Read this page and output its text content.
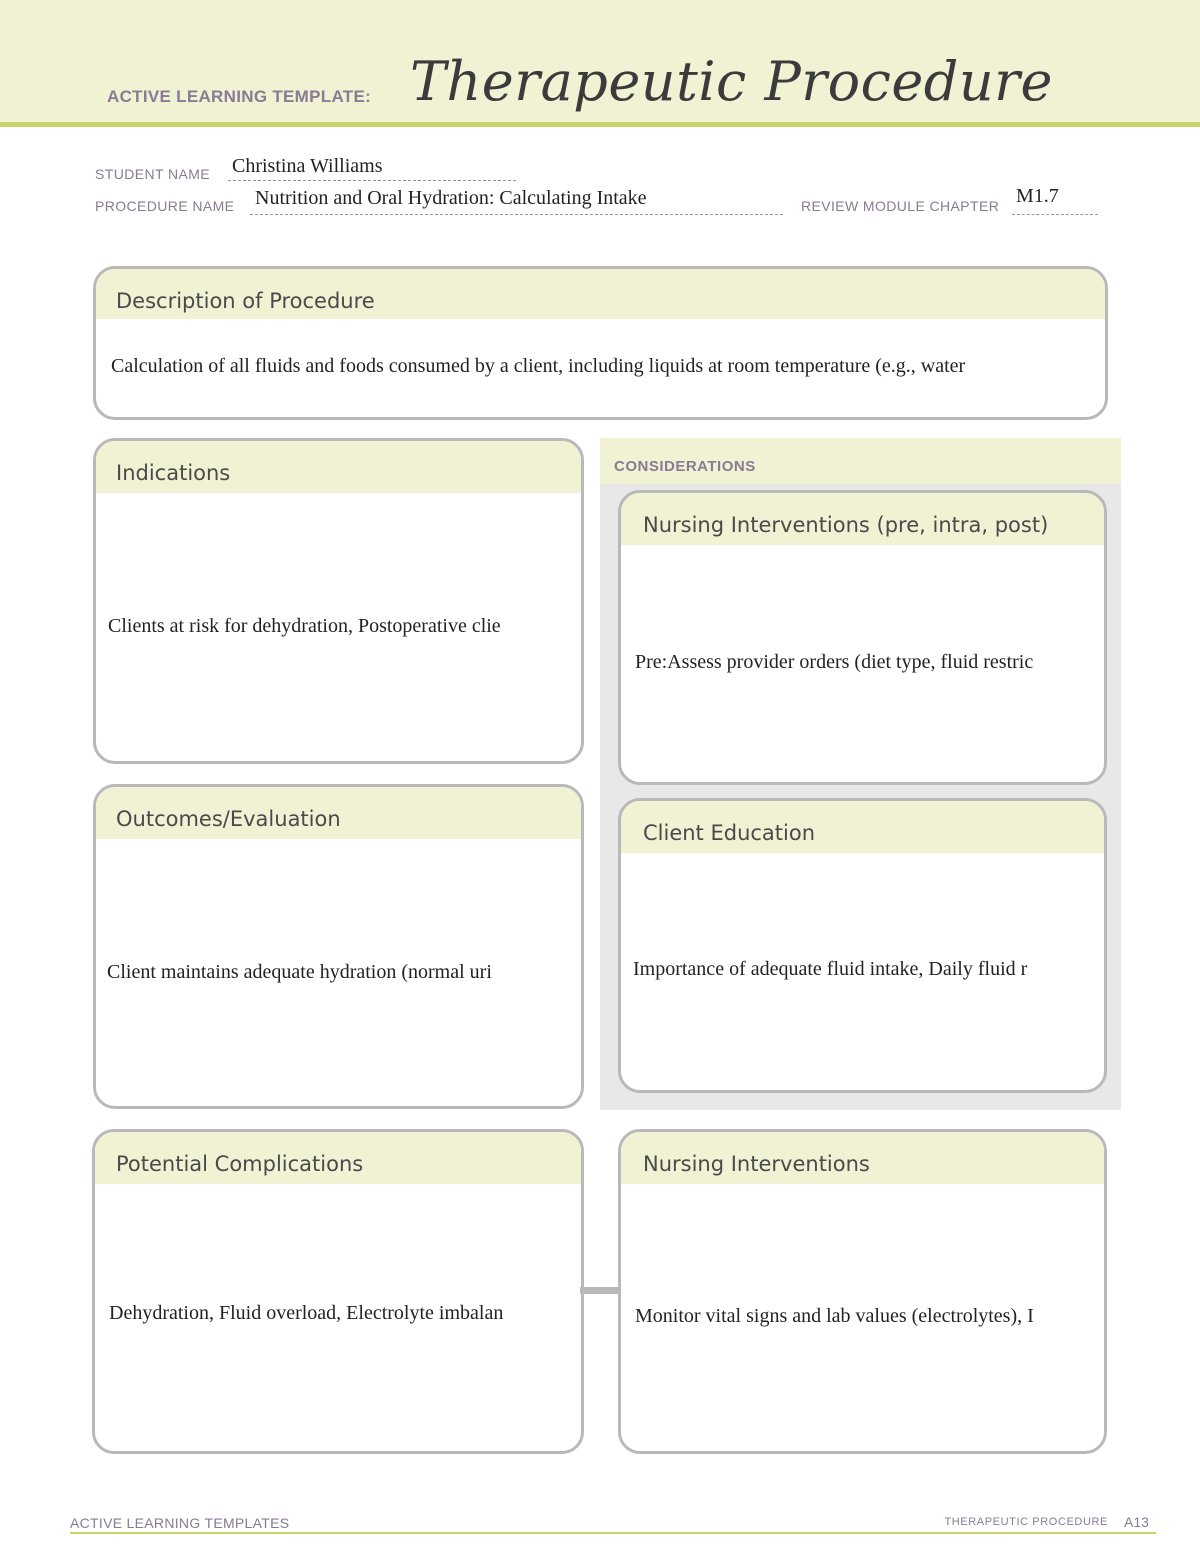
ACTIVE LEARNING TEMPLATE: Therapeutic Procedure
STUDENT NAME Christina Williams
PROCEDURE NAME Nutrition and Oral Hydration: Calculating Intake	REVIEW MODULE CHAPTER M1.7
Description of Procedure
Calculation of all fluids and foods consumed by a client, including liquids at room temperature (e.g., water
Indications
Clients at risk for dehydration, Postoperative clie
CONSIDERATIONS
Nursing Interventions (pre, intra, post)
Pre:Assess provider orders (diet type, fluid restric
Outcomes/Evaluation
Client maintains adequate hydration (normal uri
Client Education
Importance of adequate fluid intake, Daily fluid r
Potential Complications
Dehydration, Fluid overload, Electrolyte imbalan
Nursing Interventions
Monitor vital signs and lab values (electrolytes), I
ACTIVE LEARNING TEMPLATES	THERAPEUTIC PROCEDURE A13
